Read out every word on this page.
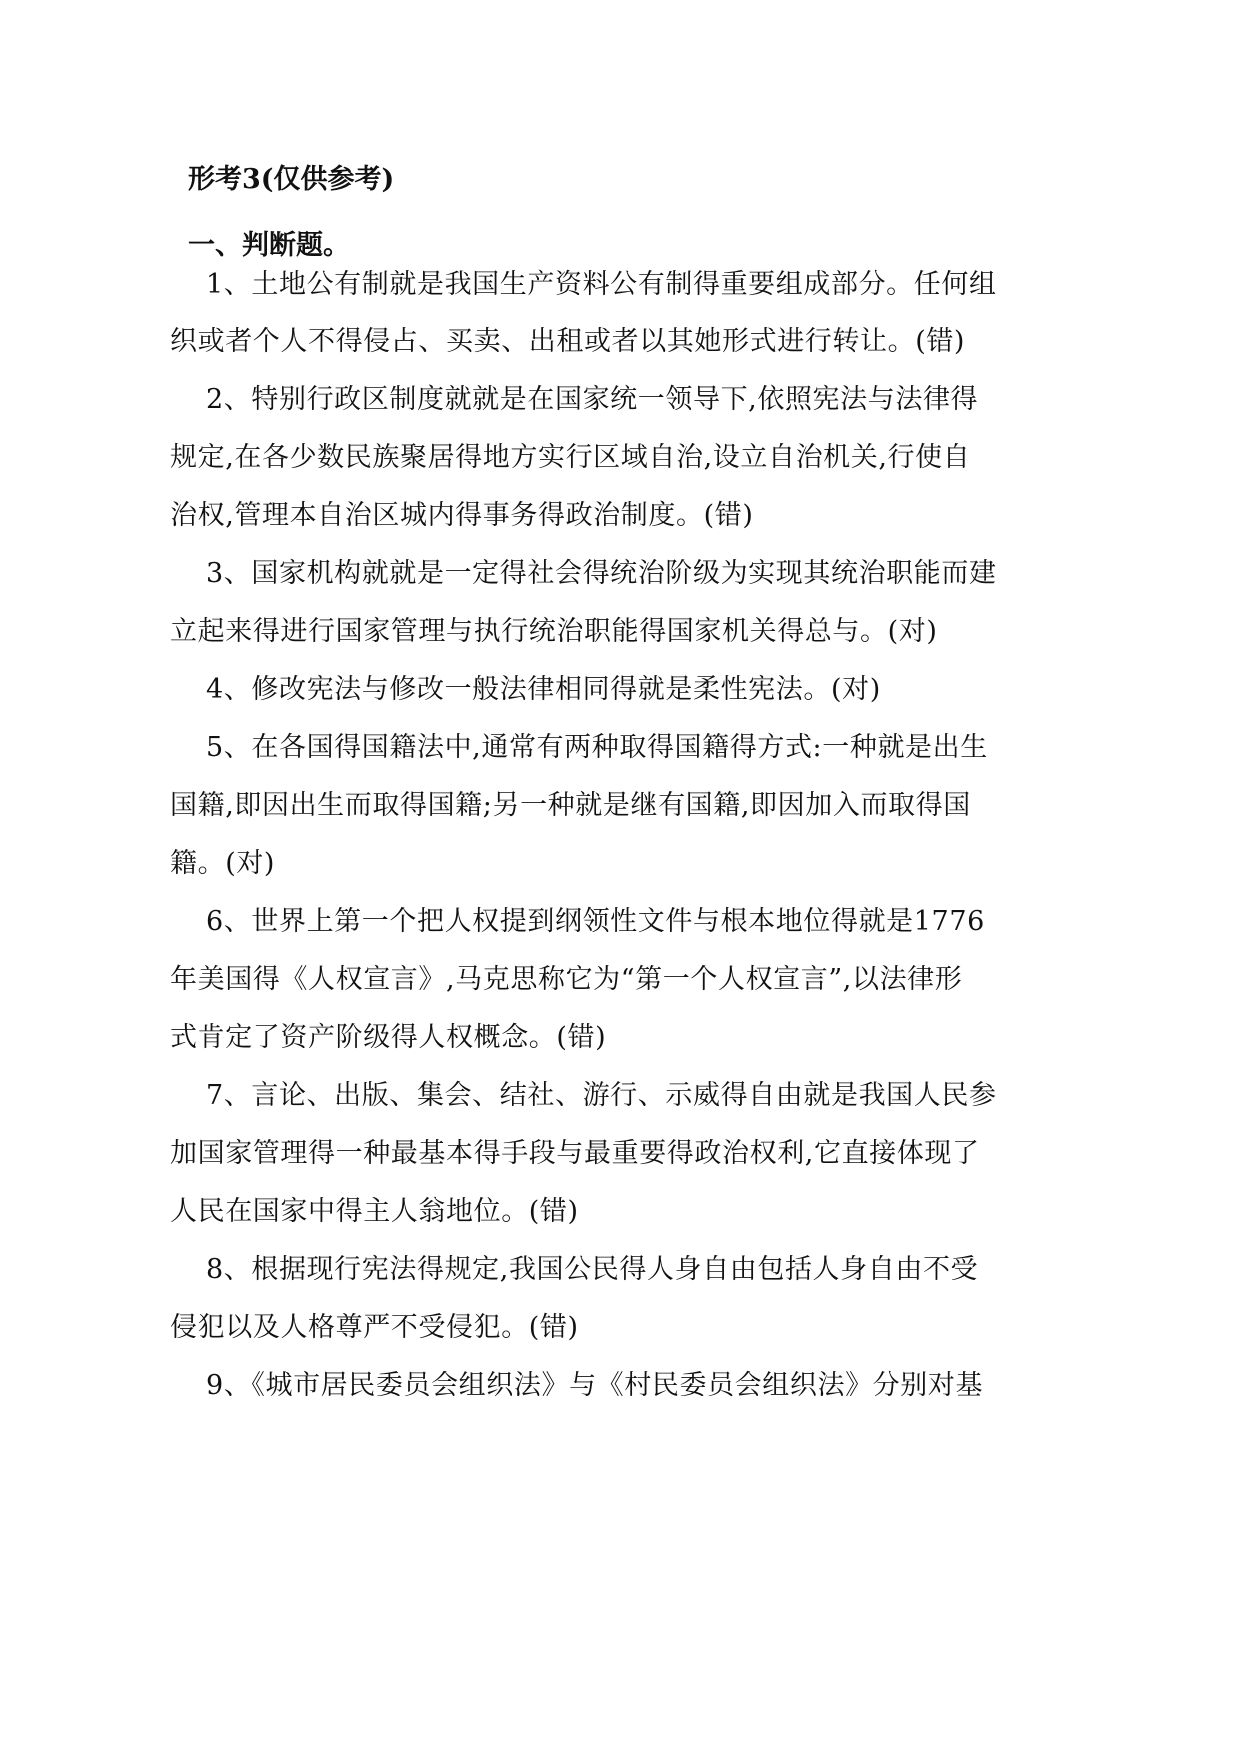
形考3(仅供参考)
一、判断题。
1、土地公有制就是我国生产资料公有制得重要组成部分。任何组
织或者个人不得侵占、买卖、出租或者以其她形式进行转让。(错)
2、特别行政区制度就就是在国家统一领导下,依照宪法与法律得
规定,在各少数民族聚居得地方实行区域自治,设立自治机关,行使自
治权,管理本自治区城内得事务得政治制度。(错)
3、国家机构就就是一定得社会得统治阶级为实现其统治职能而建
立起来得进行国家管理与执行统治职能得国家机关得总与。(对)
4、修改宪法与修改一般法律相同得就是柔性宪法。(对)
5、在各国得国籍法中,通常有两种取得国籍得方式:一种就是出生
国籍,即因出生而取得国籍;另一种就是继有国籍,即因加入而取得国
籍。(对)
6、世界上第一个把人权提到纲领性文件与根本地位得就是1776
年美国得《人权宣言》,马克思称它为“第一个人权宣言”,以法律形
式肯定了资产阶级得人权概念。(错)
7、言论、出版、集会、结社、游行、示威得自由就是我国人民参
加国家管理得一种最基本得手段与最重要得政治权利,它直接体现了
人民在国家中得主人翁地位。(错)
8、根据现行宪法得规定,我国公民得人身自由包括人身自由不受
侵犯以及人格尊严不受侵犯。(错)
9、《城市居民委员会组织法》与《村民委员会组织法》分别对基
